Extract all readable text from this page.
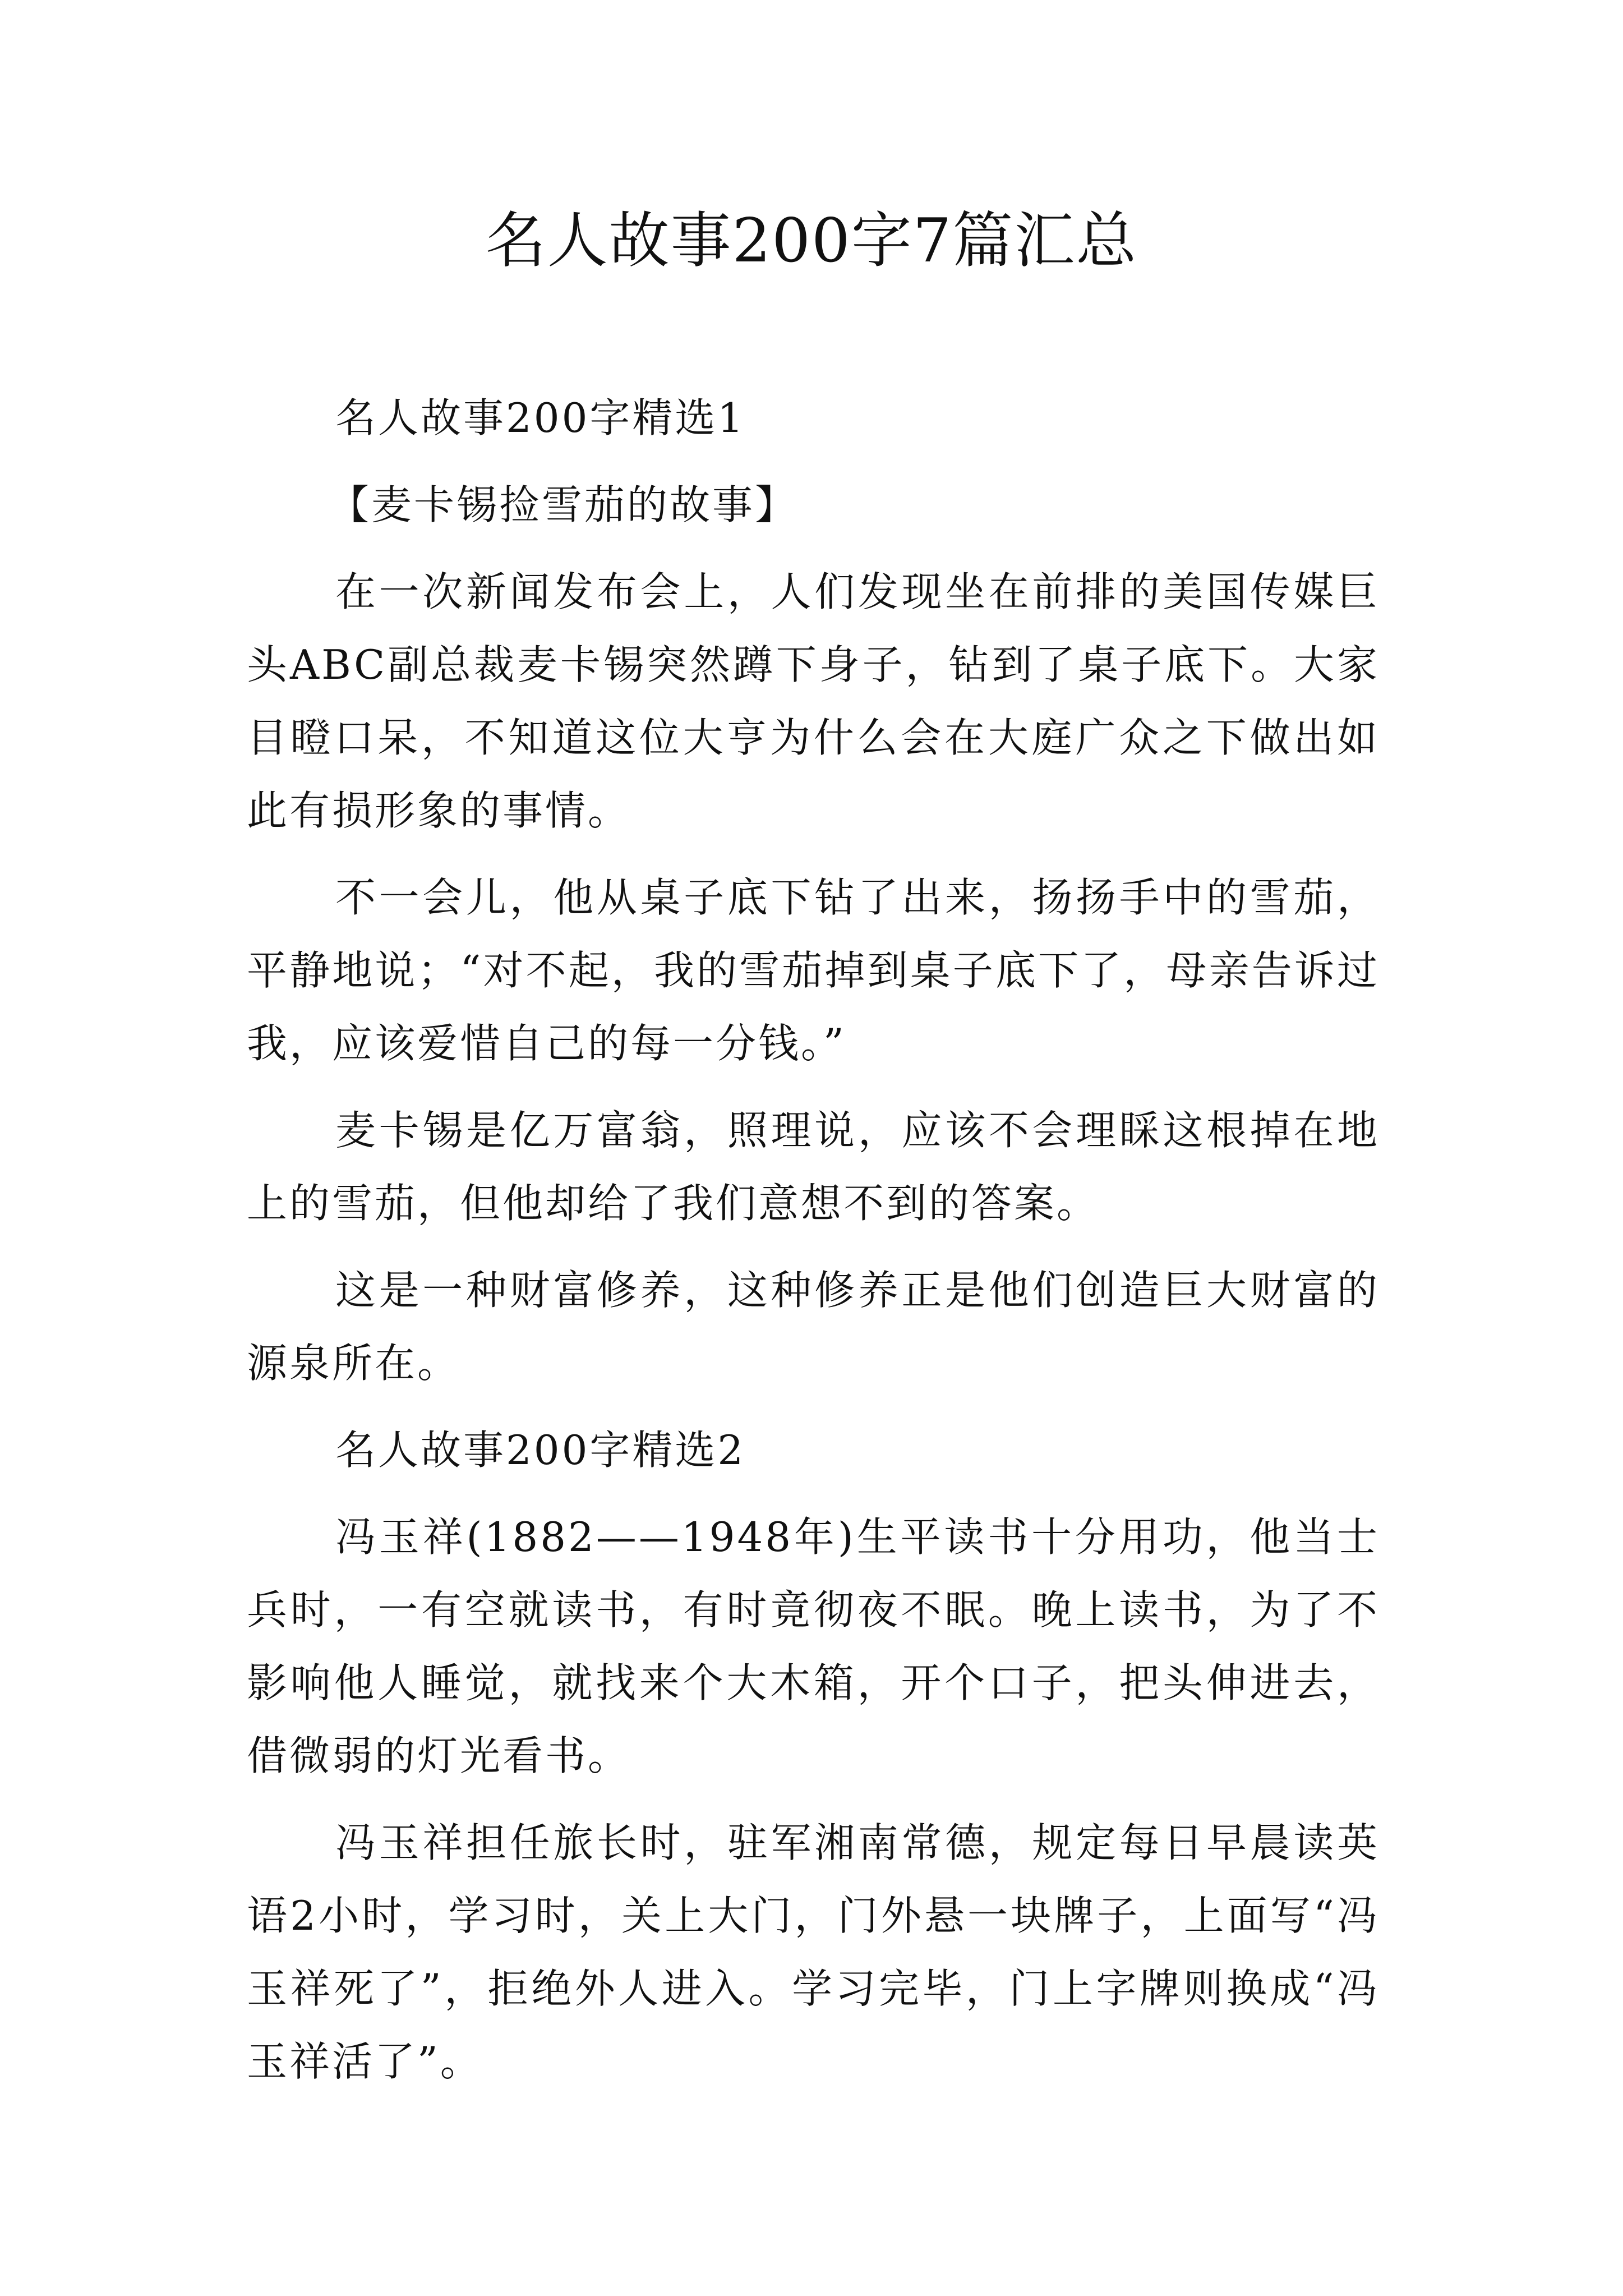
名人故事200字7篇汇总

名人故事200字精选1

【麦卡锡捡雪茄的故事】

在一次新闻发布会上，人们发现坐在前排的美国传媒巨头ABC副总裁麦卡锡突然蹲下身子，钻到了桌子底下。大家目瞪口呆，不知道这位大亨为什么会在大庭广众之下做出如此有损形象的事情。

不一会儿，他从桌子底下钻了出来，扬扬手中的雪茄，平静地说；“对不起，我的雪茄掉到桌子底下了，母亲告诉过我，应该爱惜自己的每一分钱。”

麦卡锡是亿万富翁，照理说，应该不会理睬这根掉在地上的雪茄，但他却给了我们意想不到的答案。

这是一种财富修养，这种修养正是他们创造巨大财富的源泉所在。

名人故事200字精选2

冯玉祥(1882——1948年)生平读书十分用功，他当士兵时，一有空就读书，有时竟彻夜不眠。晚上读书，为了不影响他人睡觉，就找来个大木箱，开个口子，把头伸进去，借微弱的灯光看书。

冯玉祥担任旅长时，驻军湘南常德，规定每日早晨读英语2小时，学习时，关上大门，门外悬一块牌子，上面写“冯玉祥死了”，拒绝外人进入。学习完毕，门上字牌则换成“冯玉祥活了”。
